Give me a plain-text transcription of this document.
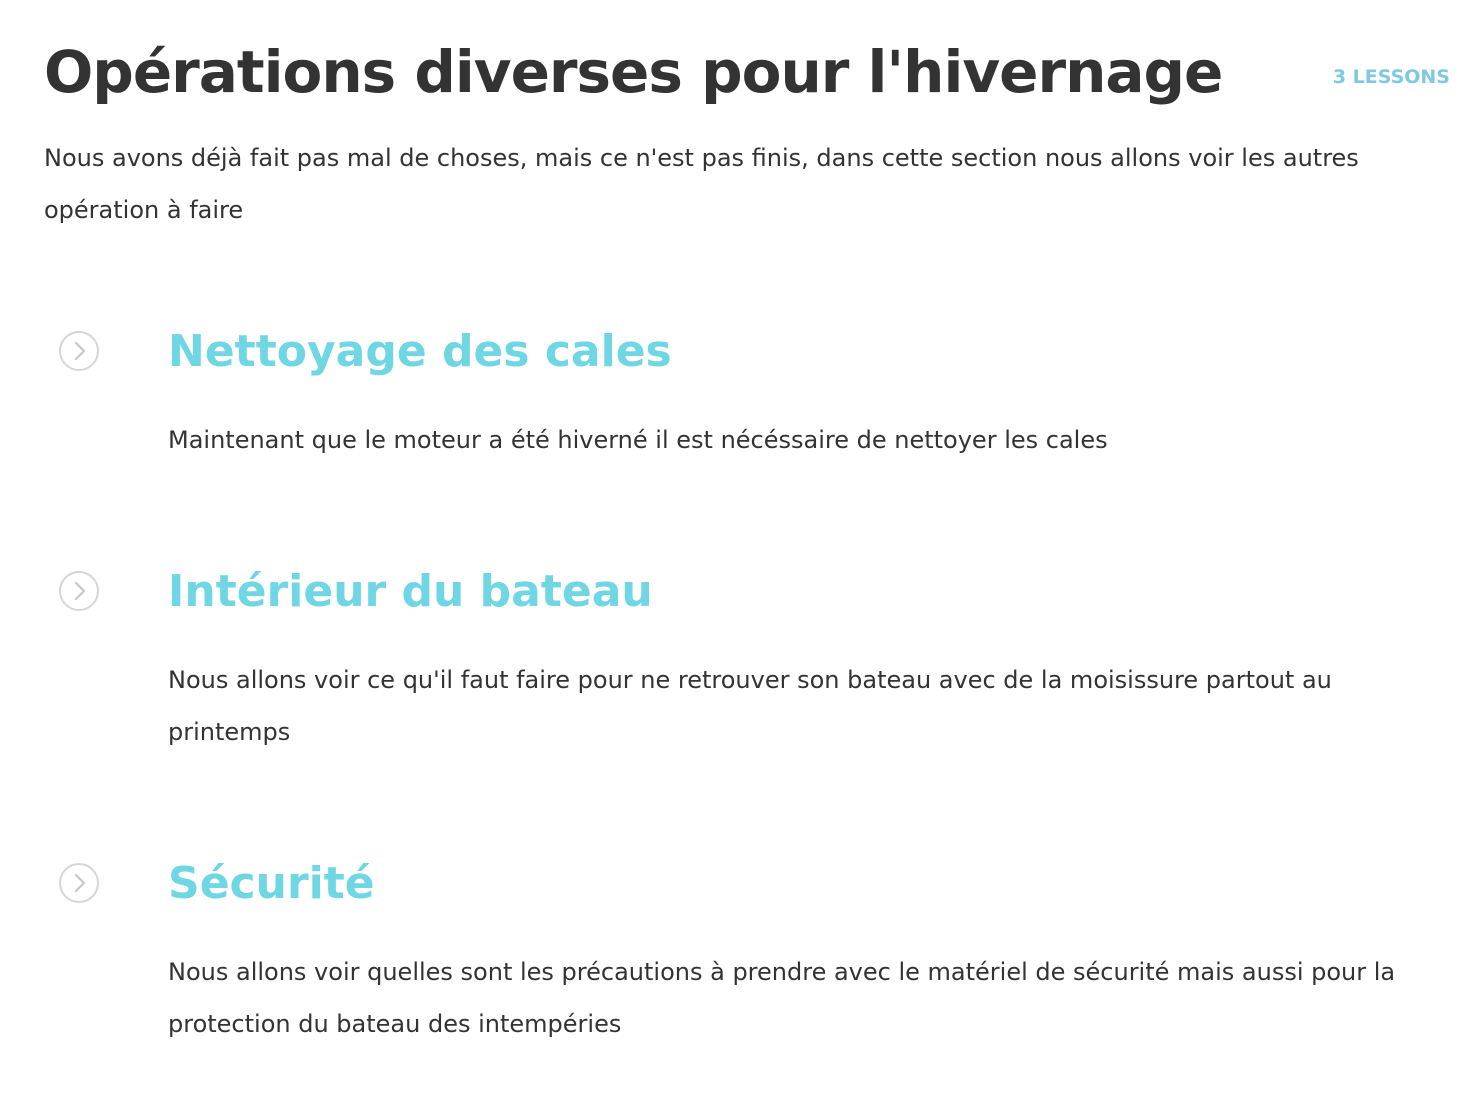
Opérations diverses pour l'hivernage	3 LESSONS

Nous avons déjà fait pas mal de choses, mais ce n'est pas finis, dans cette section nous allons voir les autres opération à faire

Nettoyage des cales

Maintenant que le moteur a été hiverné il est nécéssaire de nettoyer les cales

Intérieur du bateau

Nous allons voir ce qu'il faut faire pour ne retrouver son bateau avec de la moisissure partout au printemps

Sécurité

Nous allons voir quelles sont les précautions à prendre avec le matériel de sécurité mais aussi pour la protection du bateau des intempéries
